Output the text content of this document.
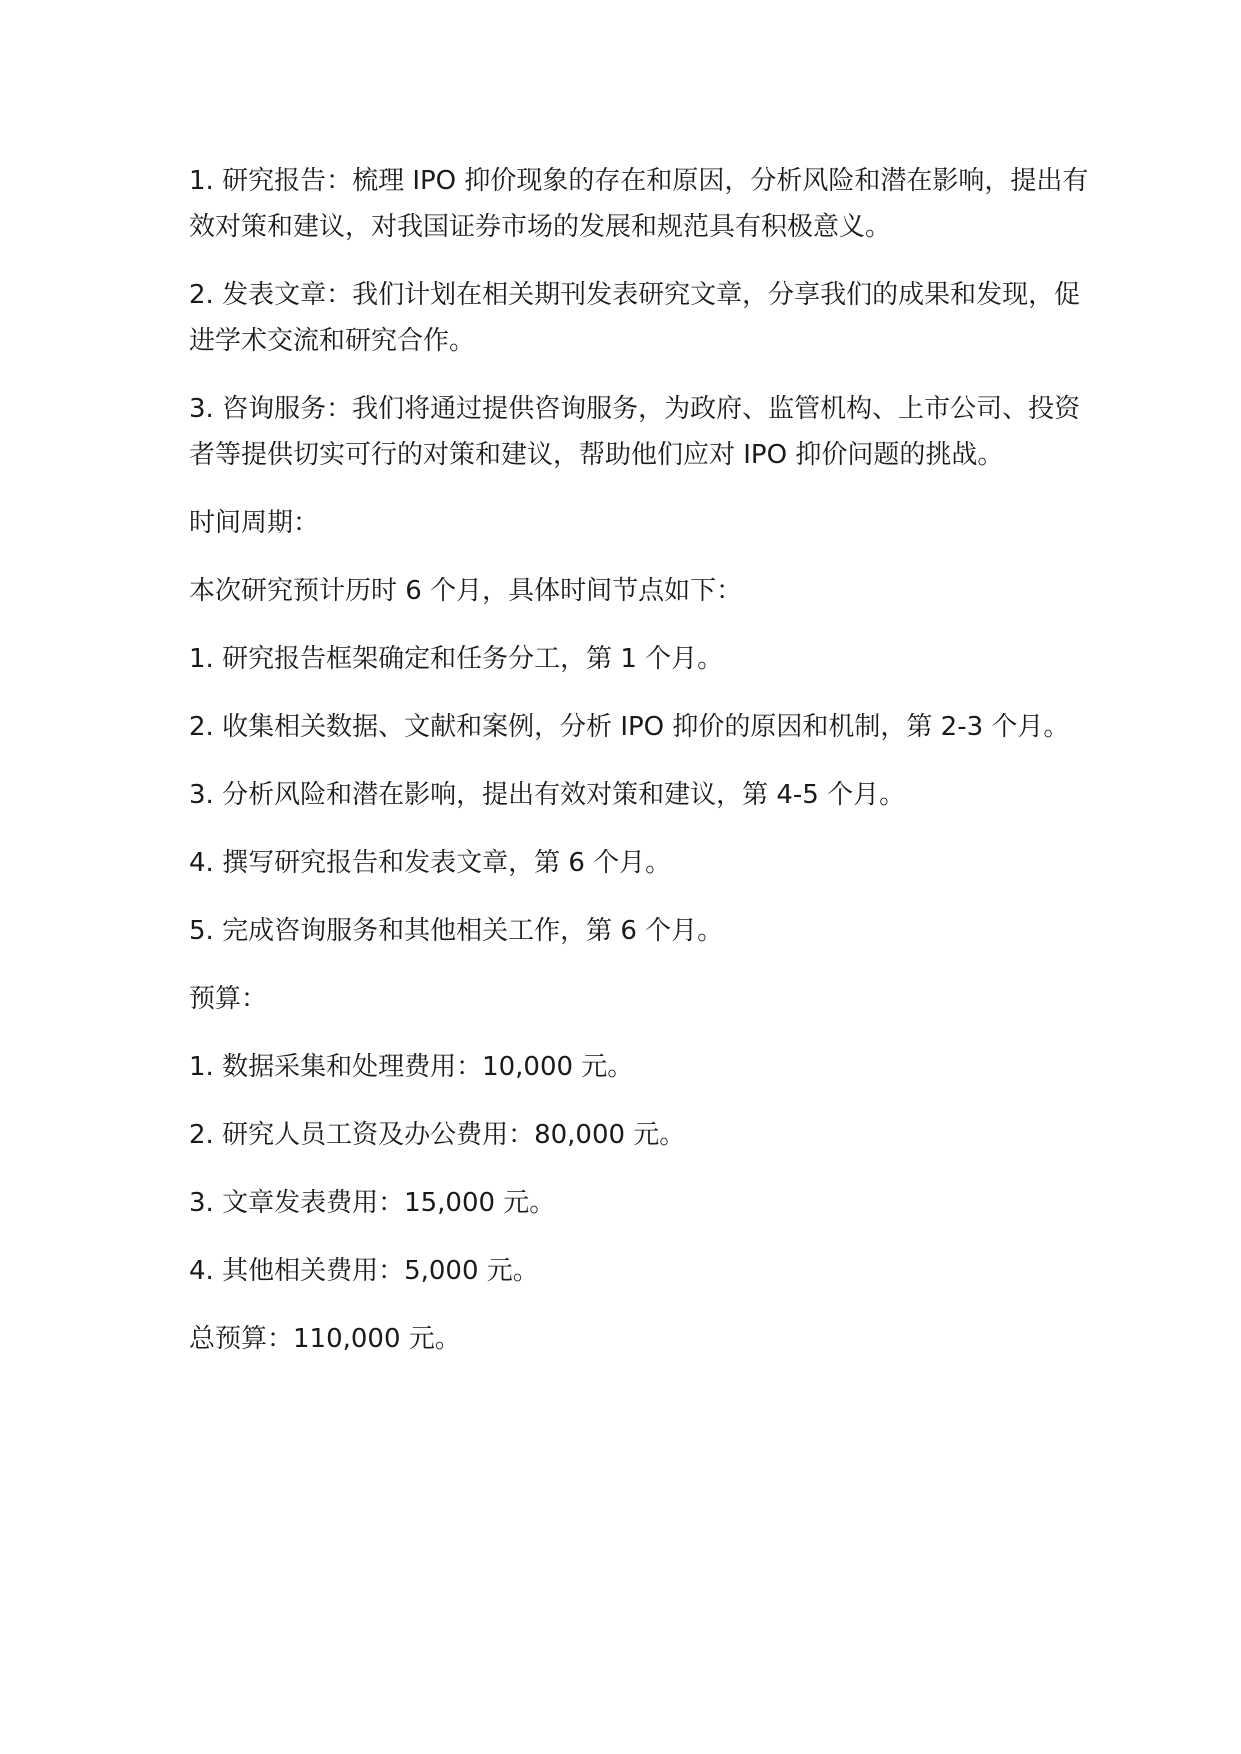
1. 研究报告：梳理 IPO 抑价现象的存在和原因，分析风险和潜在影响，提出有效对策和建议，对我国证券市场的发展和规范具有积极意义。

2. 发表文章：我们计划在相关期刊发表研究文章，分享我们的成果和发现，促进学术交流和研究合作。

3. 咨询服务：我们将通过提供咨询服务，为政府、监管机构、上市公司、投资者等提供切实可行的对策和建议，帮助他们应对 IPO 抑价问题的挑战。

时间周期：

本次研究预计历时 6 个月，具体时间节点如下：

1. 研究报告框架确定和任务分工，第 1 个月。

2. 收集相关数据、文献和案例，分析 IPO 抑价的原因和机制，第 2-3 个月。

3. 分析风险和潜在影响，提出有效对策和建议，第 4-5 个月。

4. 撰写研究报告和发表文章，第 6 个月。

5. 完成咨询服务和其他相关工作，第 6 个月。

预算：

1. 数据采集和处理费用：10,000 元。

2. 研究人员工资及办公费用：80,000 元。

3. 文章发表费用：15,000 元。

4. 其他相关费用：5,000 元。

总预算：110,000 元。
